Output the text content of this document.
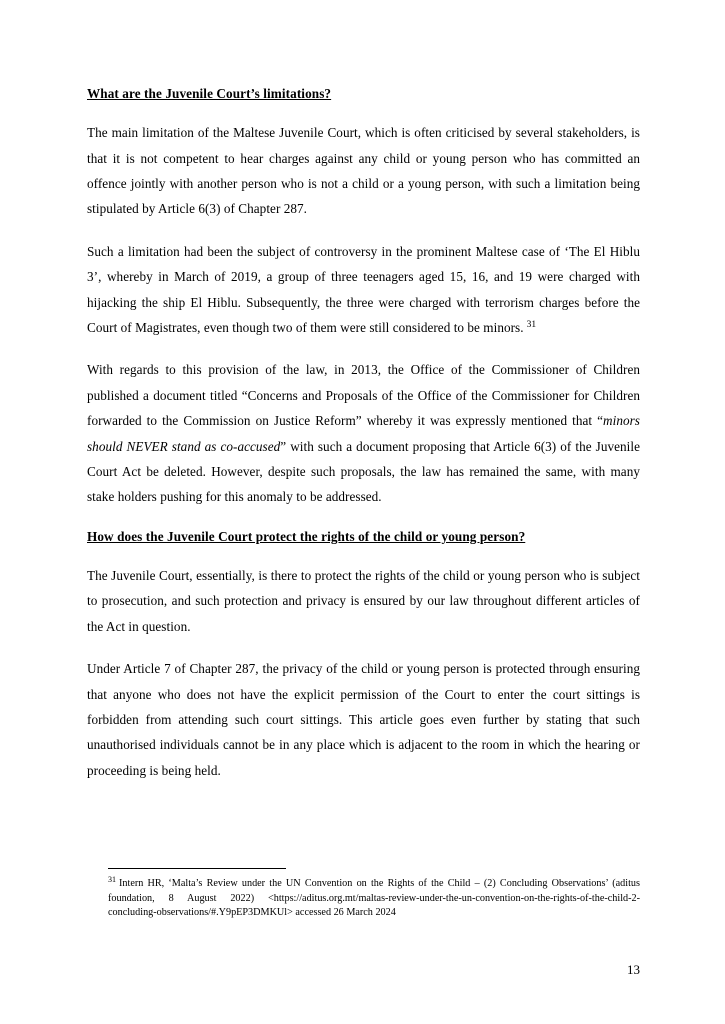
What are the Juvenile Court’s limitations?

The main limitation of the Maltese Juvenile Court, which is often criticised by several stakeholders, is that it is not competent to hear charges against any child or young person who has committed an offence jointly with another person who is not a child or a young person, with such a limitation being stipulated by Article 6(3) of Chapter 287.

Such a limitation had been the subject of controversy in the prominent Maltese case of ‘The El Hiblu 3’, whereby in March of 2019, a group of three teenagers aged 15, 16, and 19 were charged with hijacking the ship El Hiblu. Subsequently, the three were charged with terrorism charges before the Court of Magistrates, even though two of them were still considered to be minors. $^{31}$

With regards to this provision of the law, in 2013, the Office of the Commissioner of Children published a document titled “Concerns and Proposals of the Office of the Commissioner for Children forwarded to the Commission on Justice Reform” whereby it was expressly mentioned that “minors should NEVER stand as co-accused” with such a document proposing that Article 6(3) of the Juvenile Court Act be deleted. However, despite such proposals, the law has remained the same, with many stake holders pushing for this anomaly to be addressed.

How does the Juvenile Court protect the rights of the child or young person?

The Juvenile Court, essentially, is there to protect the rights of the child or young person who is subject to prosecution, and such protection and privacy is ensured by our law throughout different articles of the Act in question.

Under Article 7 of Chapter 287, the privacy of the child or young person is protected through ensuring that anyone who does not have the explicit permission of the Court to enter the court sittings is forbidden from attending such court sittings. This article goes even further by stating that such unauthorised individuals cannot be in any place which is adjacent to the room in which the hearing or proceeding is being held.

$^{31}$ Intern HR, ‘Malta’s Review under the UN Convention on the Rights of the Child – (2) Concluding Observations’ (aditus foundation, 8 August 2022) <https://aditus.org.mt/maltas-review-under-the-un-convention-on-the-rights-of-the-child-2-concluding-observations/#.Y9pEP3DMKUl> accessed 26 March 2024
13
